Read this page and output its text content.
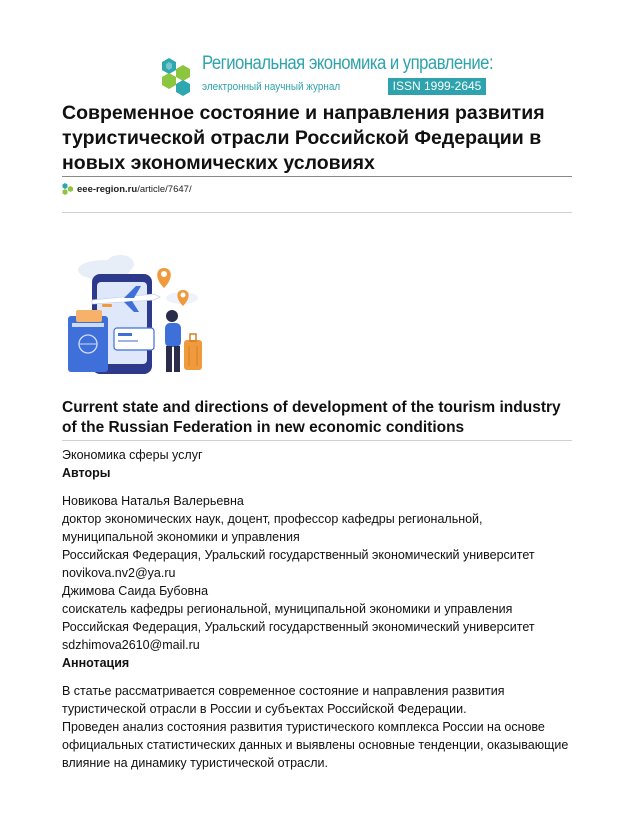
Региональная экономика и управление:
электронный научный журнал	ISSN 1999-2645
Современное состояние и направления развития
туристической отрасли Российской Федерации в
новых экономических условиях
eee-region.ru /article/7647/
Current state and directions of development of the tourism industry
of the Russian Federation in new economic conditions
Экономика сферы услуг
Авторы
Новикова Наталья Валерьевна
доктор экономических наук, доцент, профессор кафедры региональной,
муниципальной экономики и управления
Российская Федерация, Уральский государственный экономический университет
novikova.nv2@ya.ru
Джимова Саида Бубовна
соискатель кафедры региональной, муниципальной экономики и управления
Российская Федерация, Уральский государственный экономический университет
sdzhimova2610@mail.ru
Аннотация
В статье рассматривается современное состояние и направления развития
туристической отрасли в России и субъектах Российской Федерации.
Проведен анализ состояния развития туристического комплекса России на основе
официальных статистических данных и выявлены основные тенденции, оказывающие
влияние на динамику туристической отрасли.
